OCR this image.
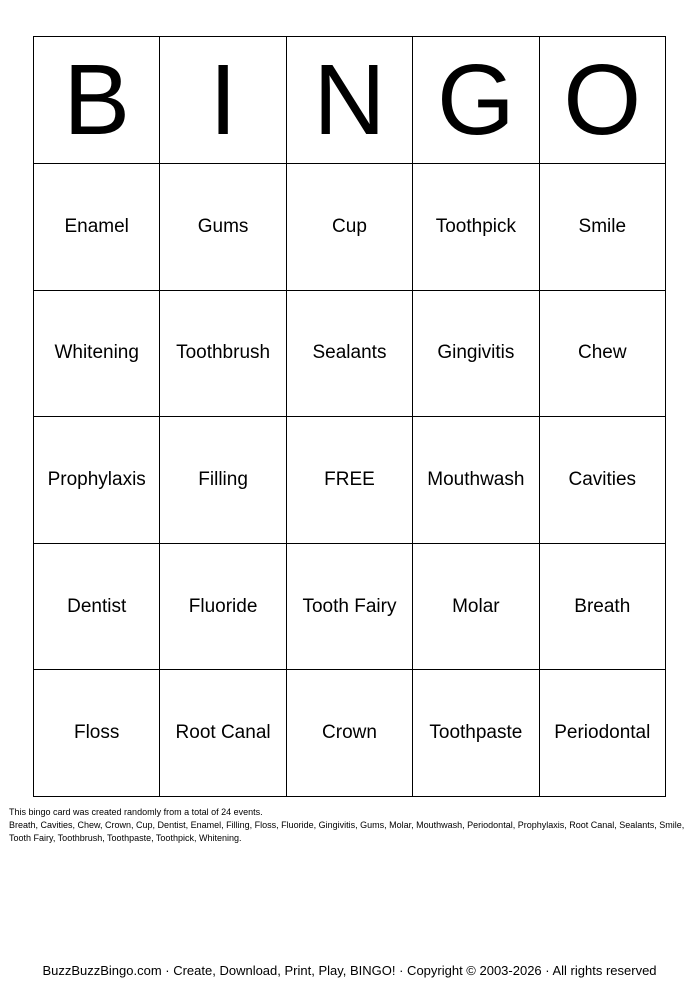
B	I	N	G	O
Enamel	Gums	Cup	Toothpick	Smile
Whitening	Toothbrush	Sealants	Gingivitis	Chew
Prophylaxis	Filling	FREE	Mouthwash	Cavities
Dentist	Fluoride	Tooth Fairy	Molar	Breath
Floss	Root Canal	Crown	Toothpaste	Periodontal

This bingo card was created randomly from a total of 24 events.

Breath, Cavities, Chew, Crown, Cup, Dentist, Enamel, Filling, Floss, Fluoride, Gingivitis, Gums, Molar, Mouthwash, Periodontal, Prophylaxis, Root Canal, Sealants, Smile, Tooth Fairy, Toothbrush, Toothpaste, Toothpick, Whitening.

BuzzBuzzBingo.com · Create, Download, Print, Play, BINGO! · Copyright © 2003-2026 · All rights reserved
